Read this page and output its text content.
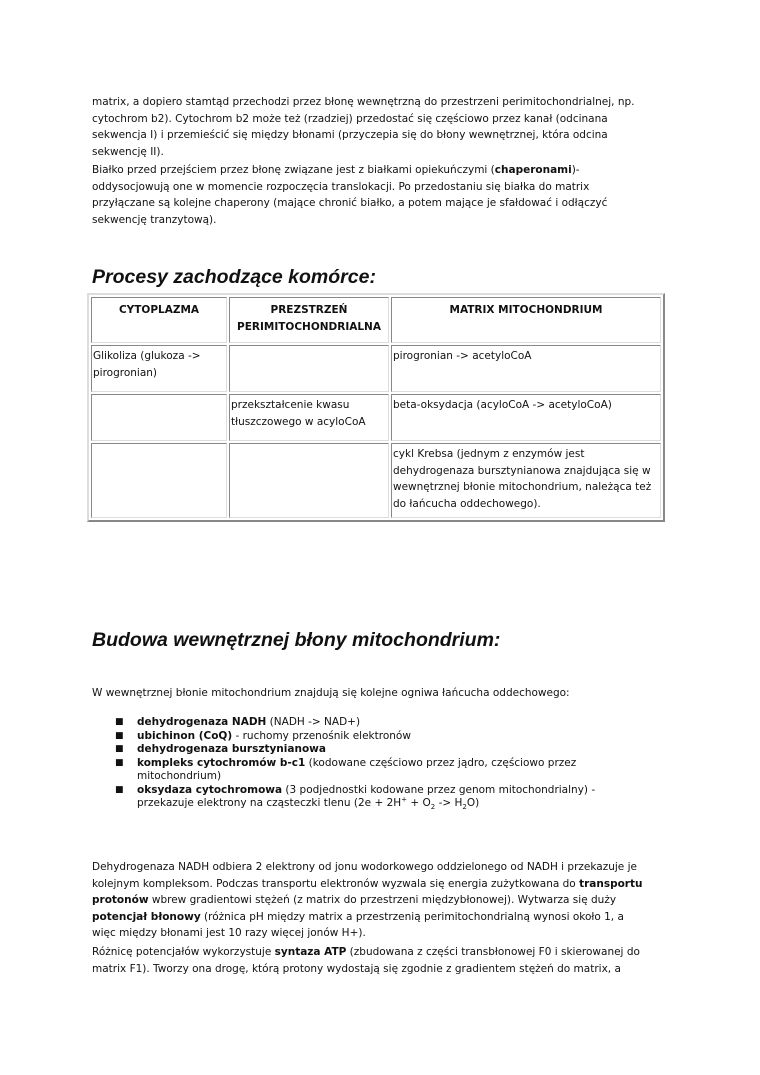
matrix, a dopiero stamtąd przechodzi przez błonę wewnętrzną do przestrzeni perimitochondrialnej, np.
cytochrom b2). Cytochrom b2 może też (rzadziej) przedostać się częściowo przez kanał (odcinana
sekwencja I) i przemieścić się między błonami (przyczepia się do błony wewnętrznej, która odcina
sekwencję II).
Białko przed przejściem przez błonę związane jest z białkami opiekuńczymi (chaperonami)-
oddysocjowują one w momencie rozpoczęcia translokacji. Po przedostaniu się białka do matrix
przyłączane są kolejne chaperony (mające chronić białko, a potem mające je sfałdować i odłączyć
sekwencję tranzytową).
Procesy zachodzące komórce:
CYTOPLAZMA	PREZSTRZEŃ PERIMITOCHONDRIALNA	MATRIX MITOCHONDRIUM
Glikoliza (glukoza -> pirogronian)		pirogronian -> acetyloCoA
	przekształcenie kwasu tłuszczowego w acyloCoA	beta-oksydacja (acyloCoA -> acetyloCoA)
		cykl Krebsa (jednym z enzymów jest dehydrogenaza bursztynianowa znajdująca się w wewnętrznej błonie mitochondrium, należąca też do łańcucha oddechowego).
Budowa wewnętrznej błony mitochondrium:
W wewnętrznej błonie mitochondrium znajdują się kolejne ogniwa łańcucha oddechowego:
■ dehydrogenaza NADH (NADH -> NAD+)
■ ubichinon (CoQ) - ruchomy przenośnik elektronów
■ dehydrogenaza bursztynianowa
■ kompleks cytochromów b-c1 (kodowane częściowo przez jądro, częściowo przez
mitochondrium)
■ oksydaza cytochromowa (3 podjednostki kodowane przez genom mitochondrialny) -
przekazuje elektrony na cząsteczki tlenu $(2e + 2H^+ + O_2 -> H_2O)$
Dehydrogenaza NADH odbiera 2 elektrony od jonu wodorkowego oddzielonego od NADH i przekazuje je
kolejnym kompleksom. Podczas transportu elektronów wyzwala się energia zużytkowana do transportu
protonów wbrew gradientowi stężeń (z matrix do przestrzeni międzybłonowej). Wytwarza się duży
potencjał błonowy (różnica pH między matrix a przestrzenią perimitochondrialną wynosi około 1, a
więc między błonami jest 10 razy więcej jonów H+).
Różnicę potencjałów wykorzystuje syntaza ATP (zbudowana z części transbłonowej F0 i skierowanej do
matrix F1). Tworzy ona drogę, którą protony wydostają się zgodnie z gradientem stężeń do matrix, a
